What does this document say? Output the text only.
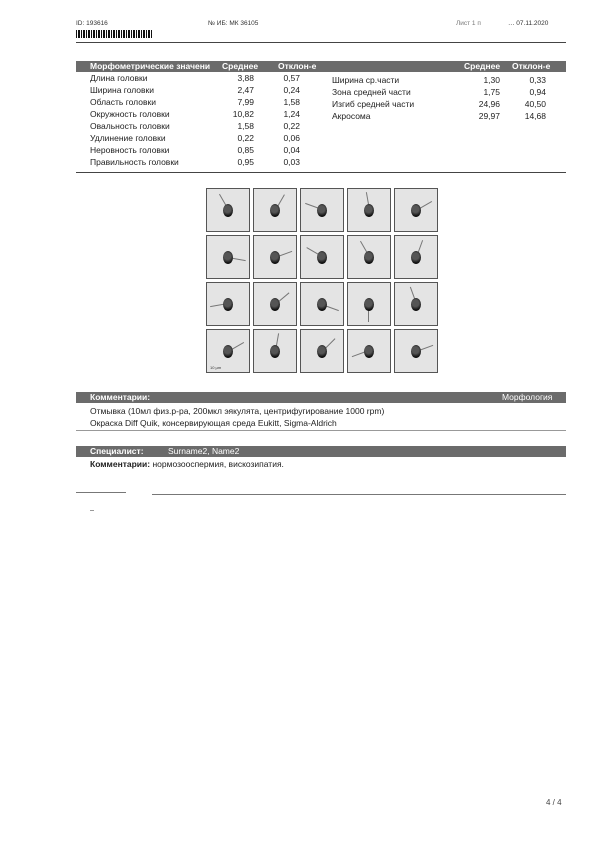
ID: 193616	№ ИБ: МК 36105	Лист 1 п	… 07.11.2020
Морфометрические значени Среднее Отклон-е	Среднее Отклон-е
Длина головки	3,88	0,57
Ширина головки	2,47	0,24
Область головки	7,99	1,58
Окружность головки	10,82	1,24
Овальность головки	1,58	0,22
Удлинение головки	0,22	0,06
Неровность головки	0,85	0,04
Правильность головки	0,95	0,03
Ширина ср.части	1,30	0,33
Зона средней части	1,75	0,94
Изгиб средней части	24,96	40,50
Акросома	29,97	14,68
10 µm
Комментарии:	Морфология
Отмывка (10мл физ.р-ра, 200мкл эякулята, центрифугирование 1000 rpm)
Окраска Diff Quik, консервирующая среда Eukitt, Sigma-Aldrich
Специалист:	Surname2, Name2
Комментарии: нормозооспермия, вискозипатия.
4 / 4
